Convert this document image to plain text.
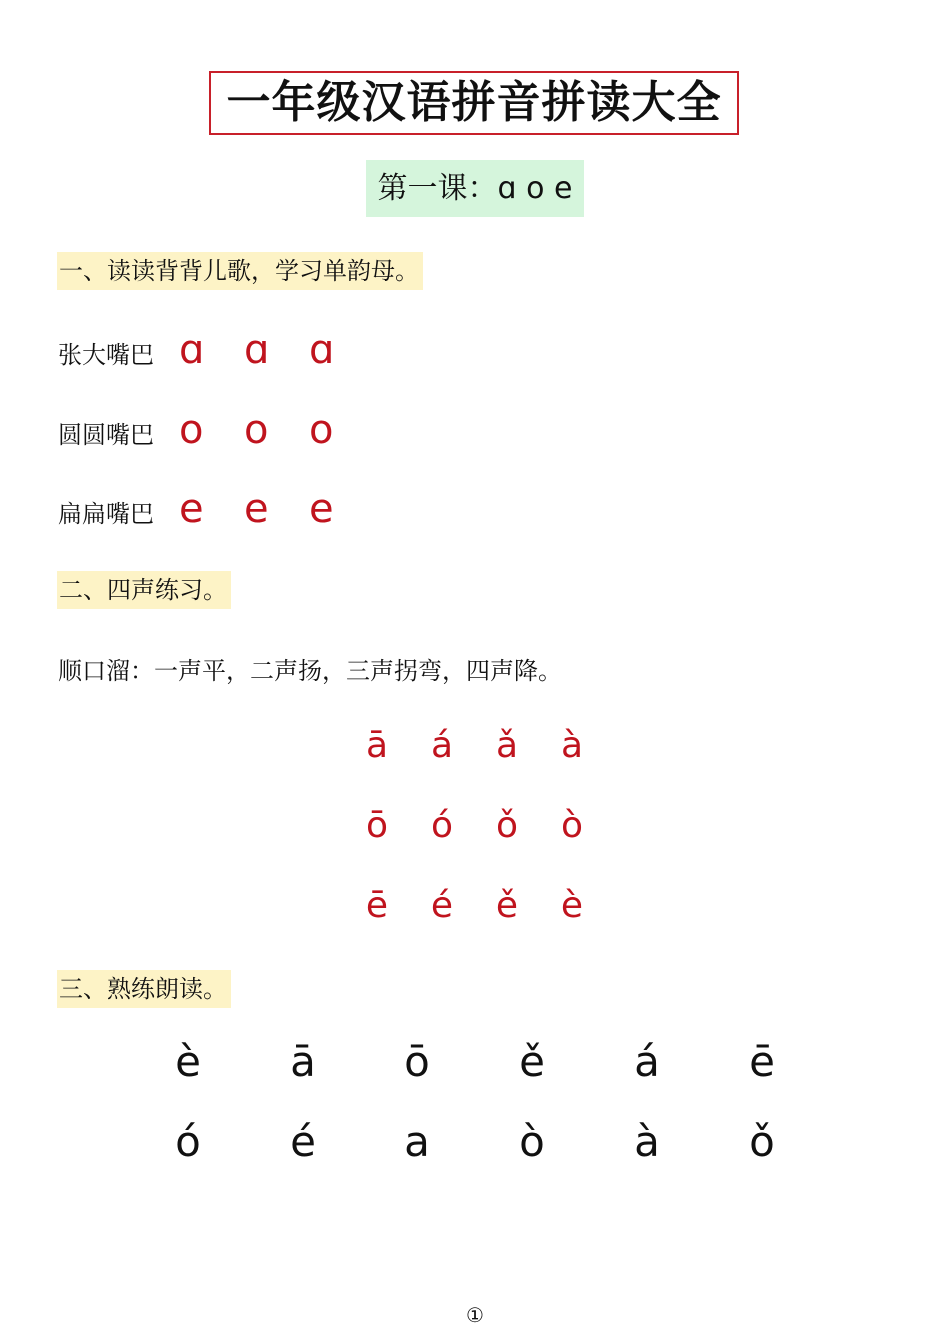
一年级汉语拼音拼读大全
第一课：ɑ o e
一、读读背背儿歌，学习单韵母。
张大嘴巴 ɑ ɑ ɑ
圆圆嘴巴 o o o
扁扁嘴巴 e e e
二、四声练习。
顺口溜：一声平，二声扬，三声拐弯，四声降。
ā á ǎ à
ō ó ǒ ò
ē é ě è
三、熟练朗读。
è ā ō ě á ē
ó é a ò à ǒ
①
